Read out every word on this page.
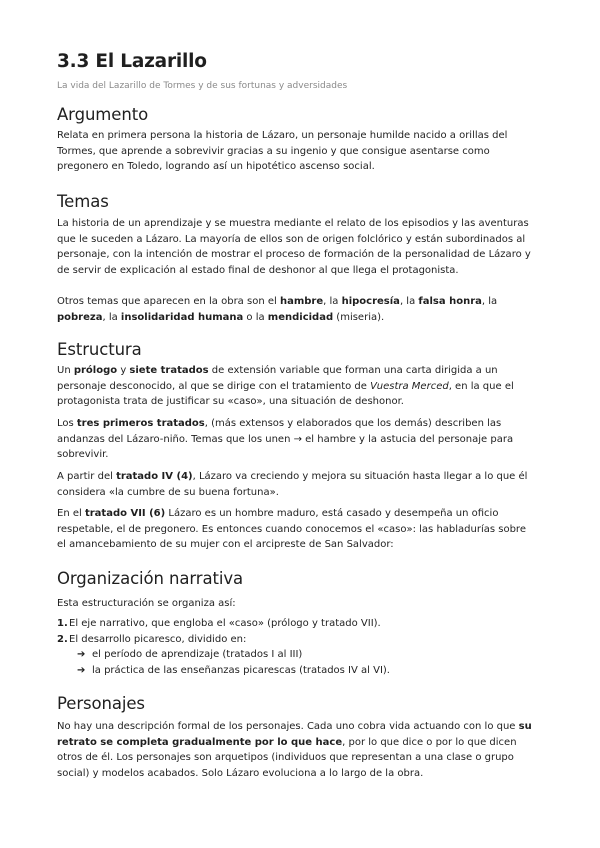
3.3 El Lazarillo

La vida del Lazarillo de Tormes y de sus fortunas y adversidades

Argumento

Relata en primera persona la historia de Lázaro, un personaje humilde nacido a orillas del Tormes, que aprende a sobrevivir gracias a su ingenio y que consigue asentarse como pregonero en Toledo, logrando así un hipotético ascenso social.

Temas

La historia de un aprendizaje y se muestra mediante el relato de los episodios y las aventuras que le suceden a Lázaro. La mayoría de ellos son de origen folclórico y están subordinados al personaje, con la intención de mostrar el proceso de formación de la personalidad de Lázaro y de servir de explicación al estado final de deshonor al que llega el protagonista.

Otros temas que aparecen en la obra son el hambre, la hipocresía, la falsa honra, la pobreza, la insolidaridad humana o la mendicidad (miseria).

Estructura

Un prólogo y siete tratados de extensión variable que forman una carta dirigida a un personaje desconocido, al que se dirige con el tratamiento de Vuestra Merced, en la que el protagonista trata de justificar su «caso», una situación de deshonor.

Los tres primeros tratados, (más extensos y elaborados que los demás) describen las andanzas del Lázaro-niño. Temas que los unen → el hambre y la astucia del personaje para sobrevivir.

A partir del tratado IV (4), Lázaro va creciendo y mejora su situación hasta llegar a lo que él considera «la cumbre de su buena fortuna».

En el tratado VII (6) Lázaro es un hombre maduro, está casado y desempeña un oficio respetable, el de pregonero. Es entonces cuando conocemos el «caso»: las habladurías sobre el amancebamiento de su mujer con el arcipreste de San Salvador:

Organización narrativa

Esta estructuración se organiza así:

1. El eje narrativo, que engloba el «caso» (prólogo y tratado VII).
2. El desarrollo picaresco, dividido en:
➔ el período de aprendizaje (tratados I al III)
➔ la práctica de las enseñanzas picarescas (tratados IV al VI).
Personajes

No hay una descripción formal de los personajes. Cada uno cobra vida actuando con lo que su retrato se completa gradualmente por lo que hace, por lo que dice o por lo que dicen otros de él. Los personajes son arquetipos (individuos que representan a una clase o grupo social) y modelos acabados. Solo Lázaro evoluciona a lo largo de la obra.
